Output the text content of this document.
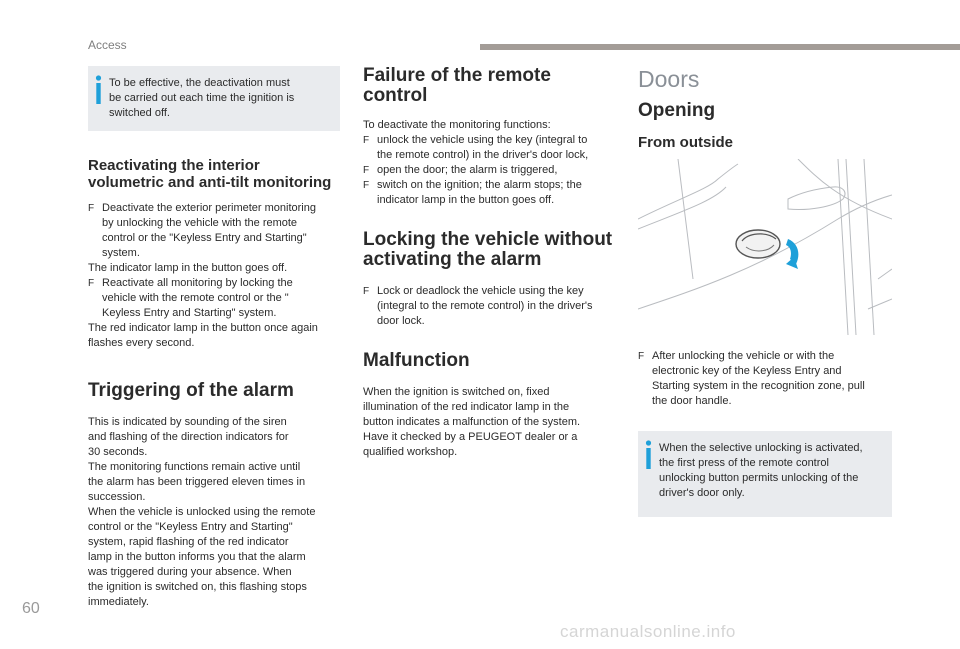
Access
To be effective, the deactivation must
be carried out each time the ignition is
switched off.
Reactivating the interior
volumetric and anti-tilt monitoring
F Deactivate the exterior perimeter monitoring
by unlocking the vehicle with the remote
control or the "Keyless Entry and Starting"
system.

The indicator lamp in the button goes off.

F Reactivate all monitoring by locking the
vehicle with the remote control or the "
Keyless Entry and Starting" system.

The red indicator lamp in the button once again
flashes every second.

Triggering of the alarm

This is indicated by sounding of the siren
and flashing of the direction indicators for
30 seconds.
The monitoring functions remain active until
the alarm has been triggered eleven times in
succession.
When the vehicle is unlocked using the remote
control or the "Keyless Entry and Starting"
system, rapid flashing of the red indicator
lamp in the button informs you that the alarm
was triggered during your absence. When
the ignition is switched on, this flashing stops
immediately.

Failure of the remote
control

To deactivate the monitoring functions:

F unlock the vehicle using the key (integral to
the remote control) in the driver's door lock,
F open the door; the alarm is triggered,
F switch on the ignition; the alarm stops; the
indicator lamp in the button goes off.
Locking the vehicle without
activating the alarm
F Lock or deadlock the vehicle using the key
(integral to the remote control) in the driver's
door lock.
Malfunction

When the ignition is switched on, fixed
illumination of the red indicator lamp in the
button indicates a malfunction of the system.
Have it checked by a PEUGEOT dealer or a
qualified workshop.

Doors
Opening
From outside
F After unlocking the vehicle or with the
electronic key of the Keyless Entry and
Starting system in the recognition zone, pull
the door handle.
When the selective unlocking is activated,
the first press of the remote control
unlocking button permits unlocking of the
driver's door only.
60
carmanualsonline.info
